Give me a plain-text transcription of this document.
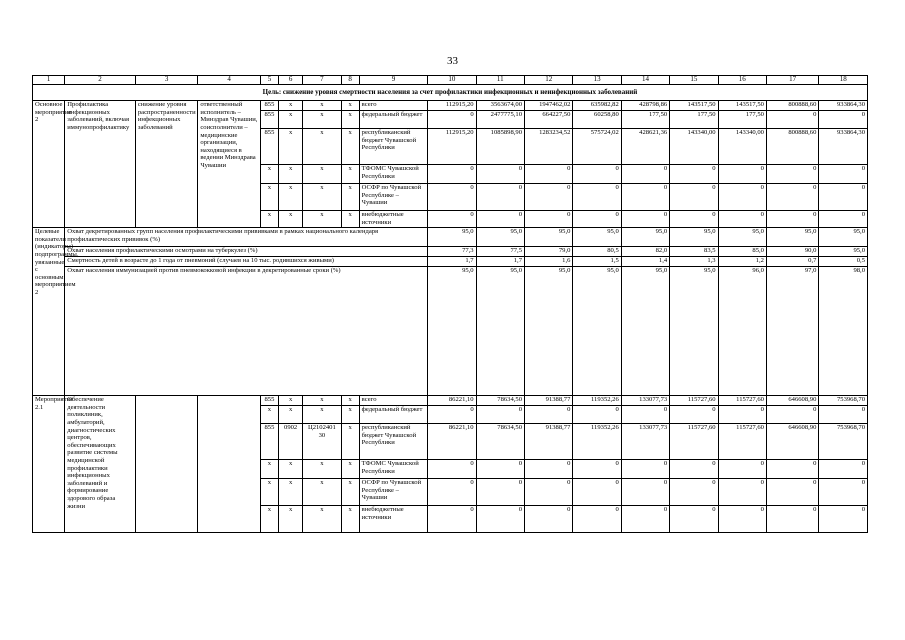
33
1	2	3	4	5	6	7	8	9	10	11	12	13	14	15	16	17	18
Цель: снижение уровня смертности населения за счет профилактики инфекционных и неинфекционных заболеваний																	
Основное мероприятие 2	Профилактика инфекционных заболеваний, включая иммунопрофилактику	снижение уровня распространенности инфекционных заболеваний	ответственный исполнитель – Минздрав Чувашии, соисполнители – медицинские организации, находящиеся в ведении Минздрава Чувашии	855	x	x	x	всего	112915,20	3563674,00	1947462,02	635982,82	428798,86	143517,50	143517,50	800888,60	933864,30
				855	x	x	x	федеральный бюджет	0	2477775,10	664227,50	60258,80	177,50	177,50	177,50	0	0
				855	x	x	x	республиканский бюджет Чувашской Республики	112915,20	1085898,90	1283234,52	575724,02	428621,36	143340,00	143340,00	800888,60	933864,30
				x	x	x	x	ТФОМС Чувашской Республики	0	0	0	0	0	0	0	0	0
				x	x	x	x	ОСФР по Чувашской Республике – Чувашии	0	0	0	0	0	0	0	0	0
				x	x	x	x	внебюджетные источники	0	0	0	0	0	0	0	0	0
Целевые показатели (индикаторы) подпрограммы, увязанные с основным мероприятием 2	Охват декретированных групп населения профилактическими прививками в рамках национального календаря профилактических прививок (%)								95,0	95,0	95,0	95,0	95,0	95,0	95,0	95,0	95,0
	Охват населения профилактическими осмотрами на туберкулез (%)								77,3	77,5	79,0	80,5	82,0	83,5	85,0	90,0	95,0
	Смертность детей в возрасте до 1 года от пневмоний (случаев на 10 тыс. родившихся живыми)								1,7	1,7	1,6	1,5	1,4	1,3	1,2	0,7	0,5
	Охват населения иммунизацией против пневмококковой инфекции в декретированные сроки (%)								95,0	95,0	95,0	95,0	95,0	95,0	96,0	97,0	98,0
Мероприятие 2.1	Обеспечение деятельности поликлиник, амбулаторий, диагностических центров, обеспечивающих развитие системы медицинской профилактики инфекционных заболеваний и формирование здорового образа жизни			855	x	x	x	всего	86221,10	78634,50	91388,77	119352,26	133077,73	115727,60	115727,60	646608,90	753968,70
				x	x	x	x	федеральный бюджет	0	0	0	0	0	0	0	0	0
				855	0902	Ц2102401 30	x	республиканский бюджет Чувашской Республики	86221,10	78634,50	91388,77	119352,26	133077,73	115727,60	115727,60	646608,90	753968,70
				x	x	x	x	ТФОМС Чувашской Республики	0	0	0	0	0	0	0	0	0
				x	x	x	x	ОСФР по Чувашской Республике – Чувашии	0	0	0	0	0	0	0	0	0
				x	x	x	x	внебюджетные источники	0	0	0	0	0	0	0	0	0
